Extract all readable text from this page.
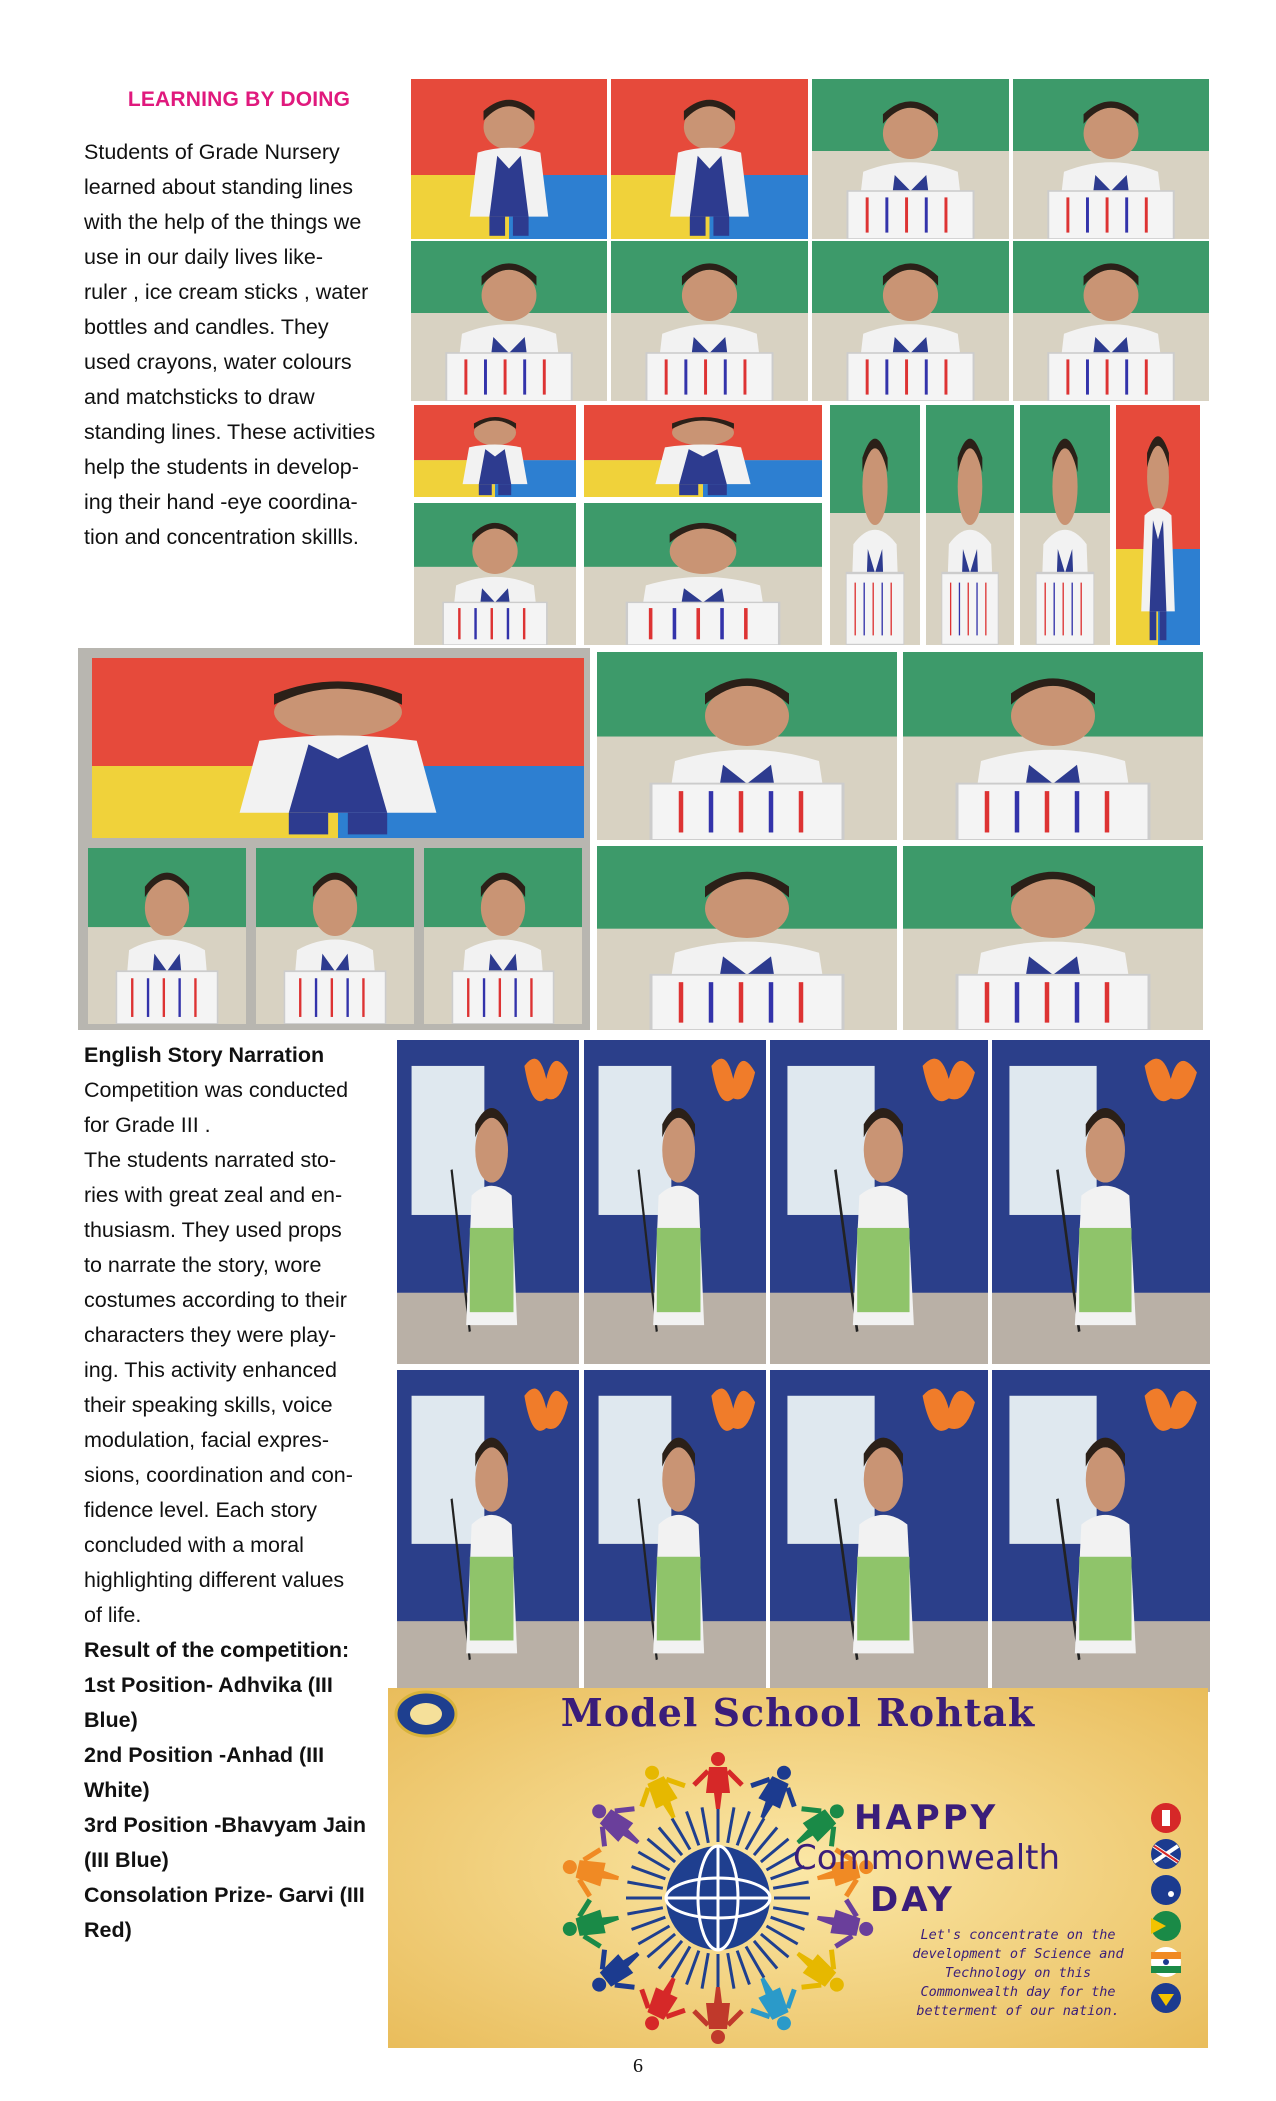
LEARNING BY DOING
Students of Grade Nursery
learned about standing lines
with the help of the things we
use in our daily lives like-
ruler , ice cream sticks , water
bottles and candles. They
used crayons, water colours
and matchsticks to draw
standing lines. These activities
help the students in develop-
ing their hand -eye coordina-
tion and concentration skillls.
English Story Narration
Competition was conducted
for Grade III .
The students narrated sto-
ries with great zeal and en-
thusiasm. They used props
to narrate the story, wore
costumes according to their
characters they were play-
ing. This activity enhanced
their speaking skills, voice
modulation, facial expres-
sions, coordination and con-
fidence level. Each story
concluded with a moral
highlighting different values
of life.
Result of the competition:
1st Position- Adhvika (III
Blue)
2nd Position -Anhad (III
White)
3rd Position -Bhavyam Jain
(III Blue)
Consolation Prize- Garvi (III
Red)
Model School Rohtak
HAPPY
Commonwealth
DAY
Let's concentrate on the
development of Science and
Technology on this
Commonwealth day for the
betterment of our nation.
6
